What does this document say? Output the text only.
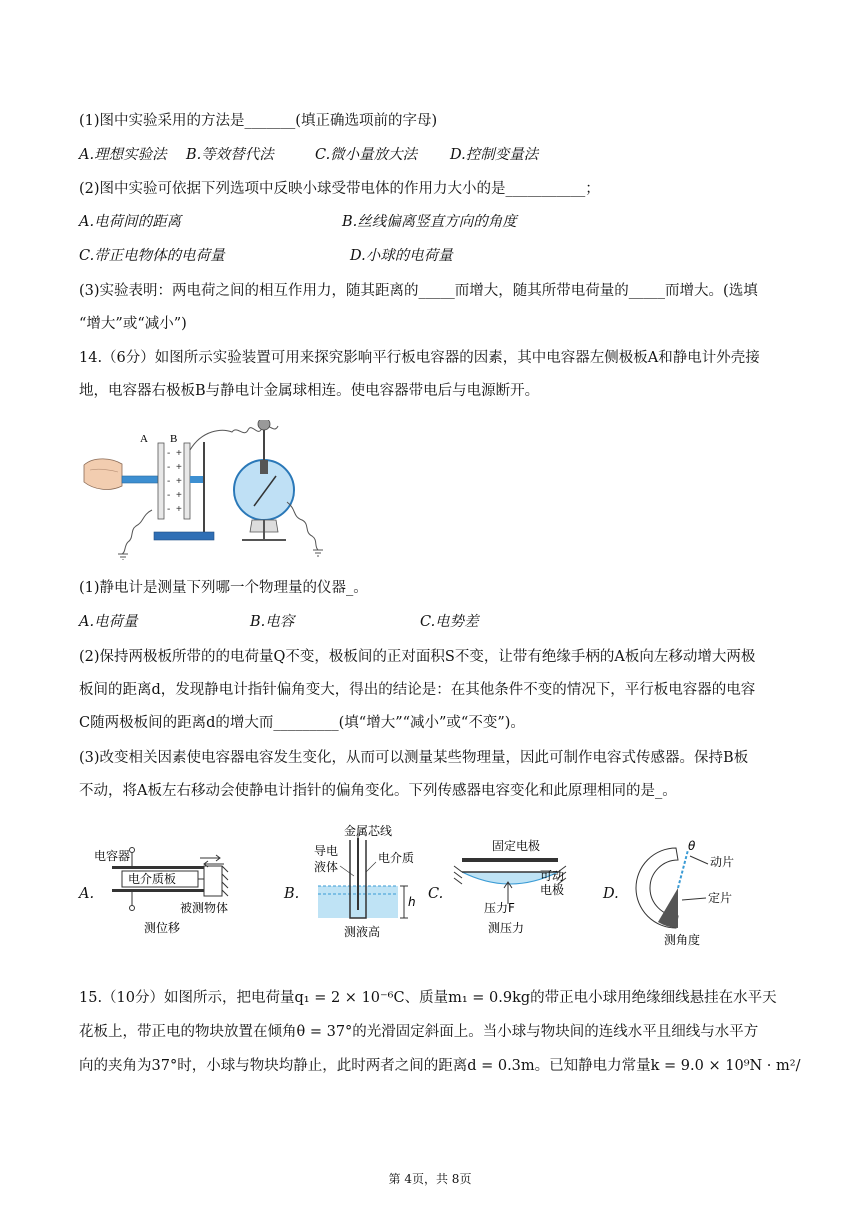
(1)图中实验采用的方法是_______(填正确选项前的字母)
A.理想实验法 B.等效替代法	C.微小量放大法 D.控制变量法
(2)图中实验可依据下列选项中反映小球受带电体的作用力大小的是___________；
A.电荷间的距离	B.丝线偏离竖直方向的角度
C.带正电物体的电荷量	D.小球的电荷量
(3)实验表明：两电荷之间的相互作用力，随其距离的_____而增大，随其所带电荷量的_____而增大。(选填
“增大”或“减小”)
14.（6分）如图所示实验装置可用来探究影响平行板电容器的因素，其中电容器左侧极板A和静电计外壳接
地，电容器右极板B与静电计金属球相连。使电容器带电后与电源断开。
A
-
-
-
-
-
+
+
+
+
+
B
(1)静电计是测量下列哪一个物理量的仪器_。
A.电荷量	B.电容	C.电势差
(2)保持两极板所带的的电荷量Q不变，极板间的正对面积S不变，让带有绝缘手柄的A板向左移动增大两极
板间的距离d，发现静电计指针偏角变大，得出的结论是：在其他条件不变的情况下，平行板电容器的电容
C随两极板间的距离d的增大而_________(填“增大”“减小”或“不变”)。
(3)改变相关因素使电容器电容发生变化，从而可以测量某些物理量，因此可制作电容式传感器。保持B板
不动，将A板左右移动会使静电计指针的偏角变化。下列传感器电容变化和此原理相同的是_。
A.
电容器
电介质板
被测物体
测位移
B.
金属芯线
导电
液体
电介质
h
测液高
C.
固定电极
可动
电极
压力F
测压力
D.
θ
动片
定片
测角度
15.（10分）如图所示，把电荷量q₁ = 2 × 10⁻⁶C、质量m₁ = 0.9kg的带正电小球用绝缘细线悬挂在水平天
花板上，带正电的物块放置在倾角θ = 37°的光滑固定斜面上。当小球与物块间的连线水平且细线与水平方
向的夹角为37°时，小球与物块均静止，此时两者之间的距离d = 0.3m。已知静电力常量k = 9.0 × 10⁹N · m²/
第 4页，共 8页
